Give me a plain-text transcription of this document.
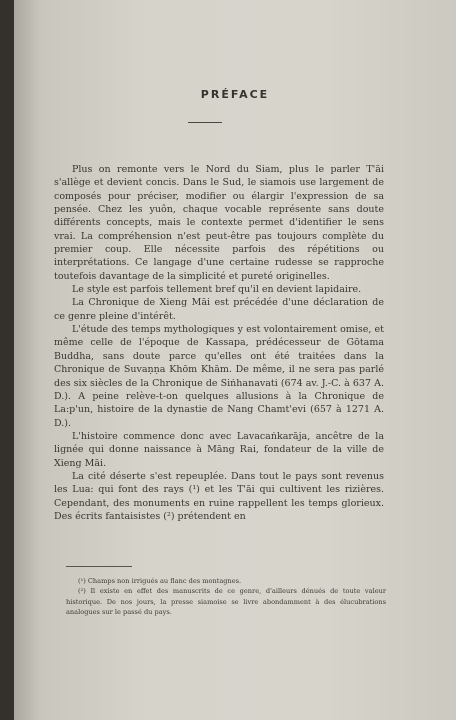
PRÉFACE

Plus on remonte vers le Nord du Siam, plus le parler T'āi s'allège et devient concis. Dans le Sud, le siamois use largement de composés pour préciser, modifier ou élargir l'expression de sa pensée. Chez les yuôn, chaque vocable représente sans doute différents concepts, mais le contexte permet d'identifier le sens vrai. La compréhension n'est peut-être pas toujours complète du premier coup. Elle nécessite parfois des répétitions ou interprétations. Ce langage d'une certaine rudesse se rapproche toutefois davantage de la simplicité et pureté originelles.

Le style est parfois tellement bref qu'il en devient lapidaire.

La Chronique de Xieng Māi est précédée d'une déclaration de ce genre pleine d'intérêt.

L'étude des temps mythologiques y est volontairement omise, et même celle de l'époque de Kassapa, prédécesseur de Gōtama Buddha, sans doute parce qu'elles ont été traitées dans la Chronique de Suvaṇṇa Khōm Khām. De même, il ne sera pas parlé des six siècles de la Chronique de Siṅhanavati (674 av. J.-C. à 637 A. D.). A peine relève-t-on quelques allusions à la Chronique de La:p'un, histoire de la dynastie de Nang Chamt'evi (657 à 1271 A. D.).

L'histoire commence donc avec Lavacaṅkarāja, ancêtre de la lignée qui donne naissance à Māng Rai, fondateur de la ville de Xieng Māi.

La cité déserte s'est repeuplée. Dans tout le pays sont revenus les Lua: qui font des rays (¹) et les T'āi qui cultivent les rizières. Cependant, des monuments en ruine rappellent les temps glorieux. Des écrits fantaisistes (²) prétendent en

(¹) Champs non irrigués au flanc des montagnes.

(²) Il existe en effet des manuscrits de ce genre, d'ailleurs dénués de toute valeur historique. De nos jours, la presse siamoise se livre abondamment à des élucubrations analogues sur le passé du pays.
